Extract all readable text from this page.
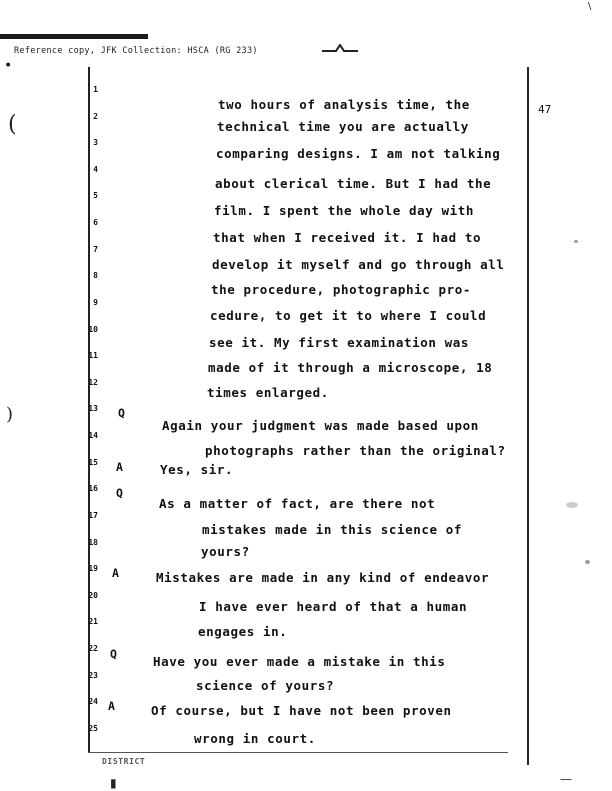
•
(
)
∖
—
▮
Reference copy, JFK Collection: HSCA (RG 233)
DISTRICT
47
1
2
3
4
5
6
7
8
9
10
11
12
13
14
15
16
17
18
19
20
21
22
23
24
25
Q
A
Q
A
Q
A
two hours of analysis time, the
technical time you are actually
comparing designs. I am not talking
about clerical time. But I had the
film. I spent the whole day with
that when I received it. I had to
develop it myself and go through all
the procedure, photographic pro-
cedure, to get it to where I could
see it. My first examination was
made of it through a microscope, 18
times enlarged.
Again your judgment was made based upon
photographs rather than the original?
Yes, sir.
As a matter of fact, are there not
mistakes made in this science of
yours?
Mistakes are made in any kind of endeavor
I have ever heard of that a human
engages in.
Have you ever made a mistake in this
science of yours?
Of course, but I have not been proven
wrong in court.
